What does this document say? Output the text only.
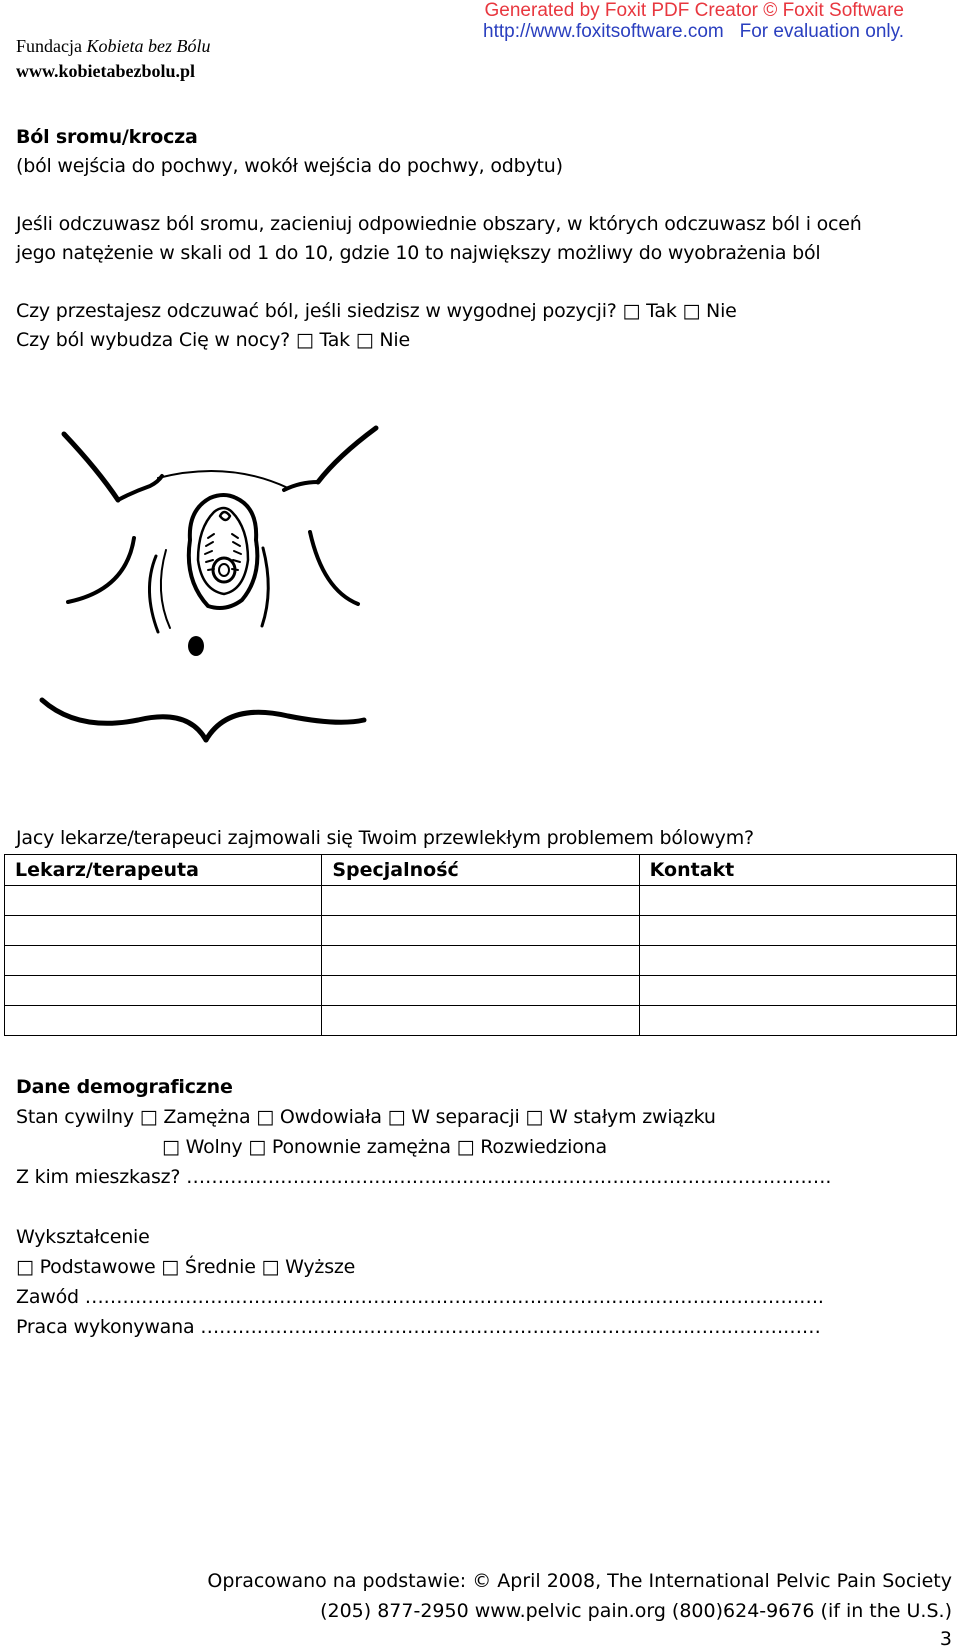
Generated by Foxit PDF Creator © Foxit Software
http://www.foxitsoftware.com For evaluation only.
Fundacja Kobieta bez Bólu
www.kobietabezbolu.pl
Ból sromu/krocza
(ból wejścia do pochwy, wokół wejścia do pochwy, odbytu)
Jeśli odczuwasz ból sromu, zacieniuj odpowiednie obszary, w których odczuwasz ból i oceń
jego natężenie w skali od 1 do 10, gdzie 10 to największy możliwy do wyobrażenia ból
Czy przestajesz odczuwać ból, jeśli siedzisz w wygodnej pozycji? □ Tak □ Nie
Czy ból wybudza Cię w nocy? □ Tak □ Nie
Jacy lekarze/terapeuci zajmowali się Twoim przewlekłym problemem bólowym?
Lekarz/terapeuta	Specjalność	Kontakt

Dane demograficzne
Stan cywilny □ Zamężna □ Owdowiała □ W separacji □ W stałym związku
□ Wolny □ Ponownie zamężna □ Rozwiedziona
Z kim mieszkasz? ………………………………………………………………………………………….
Wykształcenie
□ Podstawowe □ Średnie □ Wyższe
Zawód ……………………………………………………………………………………………………….
Praca wykonywana ………………………………………………………………………………………
Opracowano na podstawie: © April 2008, The International Pelvic Pain Society
(205) 877-2950 www.pelvic pain.org (800)624-9676 (if in the U.S.)
3
